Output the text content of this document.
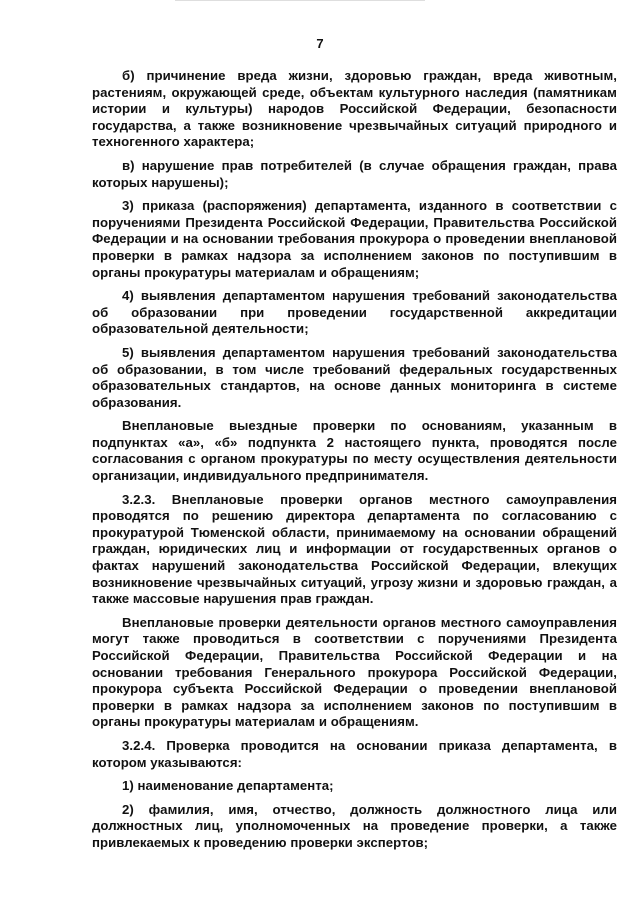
7

б) причинение вреда жизни, здоровью граждан, вреда животным, растениям, окружающей среде, объектам культурного наследия (памятникам истории и культуры) народов Российской Федерации, безопасности государства, а также возникновение чрезвычайных ситуаций природного и техногенного характера;

в) нарушение прав потребителей (в случае обращения граждан, права которых нарушены);

3) приказа (распоряжения) департамента, изданного в соответствии с поручениями Президента Российской Федерации, Правительства Российской Федерации и на основании требования прокурора о проведении внеплановой проверки в рамках надзора за исполнением законов по поступившим в органы прокуратуры материалам и обращениям;

4) выявления департаментом нарушения требований законодательства об образовании при проведении государственной аккредитации образовательной деятельности;

5) выявления департаментом нарушения требований законодательства об образовании, в том числе требований федеральных государственных образовательных стандартов, на основе данных мониторинга в системе образования.

Внеплановые выездные проверки по основаниям, указанным в подпунктах «а», «б» подпункта 2 настоящего пункта, проводятся после согласования с органом прокуратуры по месту осуществления деятельности организации, индивидуального предпринимателя.

3.2.3. Внеплановые проверки органов местного самоуправления проводятся по решению директора департамента по согласованию с прокуратурой Тюменской области, принимаемому на основании обращений граждан, юридических лиц и информации от государственных органов о фактах нарушений законодательства Российской Федерации, влекущих возникновение чрезвычайных ситуаций, угрозу жизни и здоровью граждан, а также массовые нарушения прав граждан.

Внеплановые проверки деятельности органов местного самоуправления могут также проводиться в соответствии с поручениями Президента Российской Федерации, Правительства Российской Федерации и на основании требования Генерального прокурора Российской Федерации, прокурора субъекта Российской Федерации о проведении внеплановой проверки в рамках надзора за исполнением законов по поступившим в органы прокуратуры материалам и обращениям.

3.2.4. Проверка проводится на основании приказа департамента, в котором указываются:

1) наименование департамента;

2) фамилия, имя, отчество, должность должностного лица или должностных лиц, уполномоченных на проведение проверки, а также привлекаемых к проведению проверки экспертов;
